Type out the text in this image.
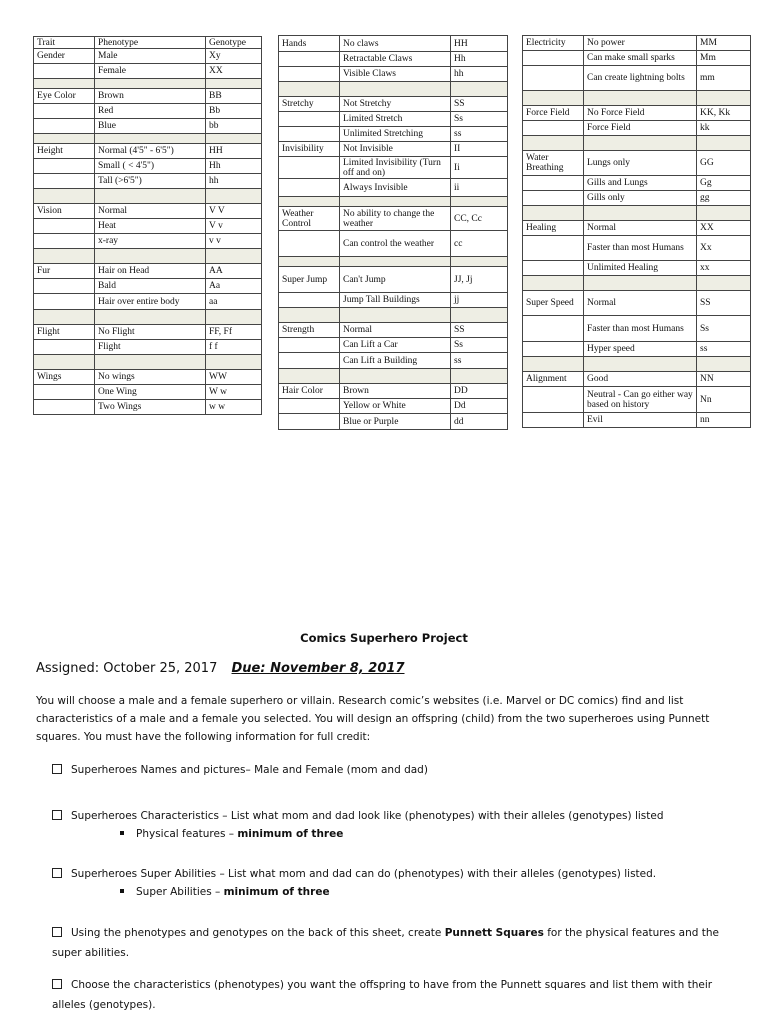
Trait	Phenotype	Genotype
Gender	Male	Xy
	Female	XX

Eye Color	Brown	BB
	Red	Bb
	Blue	bb

Height	Normal (4'5" - 6'5")	HH
	Small ( < 4'5")	Hh
	Tall (>6'5")	hh

Vision	Normal	V V
	Heat	V v
	x-ray	v v

Fur	Hair on Head	AA
	Bald	Aa
	Hair over entire body	aa

Flight	No Flight	FF, Ff
	Flight	f f

Wings	No wings	WW
	One Wing	W w
	Two Wings	w w
Hands	No claws	HH
	Retractable Claws	Hh
	Visible Claws	hh

Stretchy	Not Stretchy	SS
	Limited Stretch	Ss
	Unlimited Stretching	ss
Invisibility	Not Invisible	II
	Limited Invisibility (Turn off and on)	Ii
	Always Invisible	ii

Weather Control	No ability to change the weather	CC, Cc
	Can control the weather	cc

Super Jump	Can't Jump	JJ, Jj
	Jump Tall Buildings	jj

Strength	Normal	SS
	Can Lift a Car	Ss
	Can Lift a Building	ss

Hair Color	Brown	DD
	Yellow or White	Dd
	Blue or Purple	dd
Electricity	No power	MM
	Can make small sparks	Mm
	Can create lightning bolts	mm

Force Field	No Force Field	KK, Kk
	Force Field	kk

Water Breathing	Lungs only	GG
	Gills and Lungs	Gg
	Gills only	gg

Healing	Normal	XX
	Faster than most Humans	Xx
	Unlimited Healing	xx

Super Speed	Normal	SS
	Faster than most Humans	Ss
	Hyper speed	ss

Alignment	Good	NN
	Neutral - Can go either way based on history	Nn
	Evil	nn
Comics Superhero Project
Assigned: October 25, 2017 Due: November 8, 2017
You will choose a male and a female superhero or villain. Research comic’s websites (i.e. Marvel or DC comics) find and list characteristics of a male and a female you selected. You will design an offspring (child) from the two superheroes using Punnett squares. You must have the following information for full credit:
Superheroes Names and pictures– Male and Female (mom and dad)
Superheroes Characteristics – List what mom and dad look like (phenotypes) with their alleles (genotypes) listed
Physical features – minimum of three
Superheroes Super Abilities – List what mom and dad can do (phenotypes) with their alleles (genotypes) listed.
Super Abilities – minimum of three
Using the phenotypes and genotypes on the back of this sheet, create Punnett Squares for the physical features and the super abilities.
Choose the characteristics (phenotypes) you want the offspring to have from the Punnett squares and list them with their alleles (genotypes).
